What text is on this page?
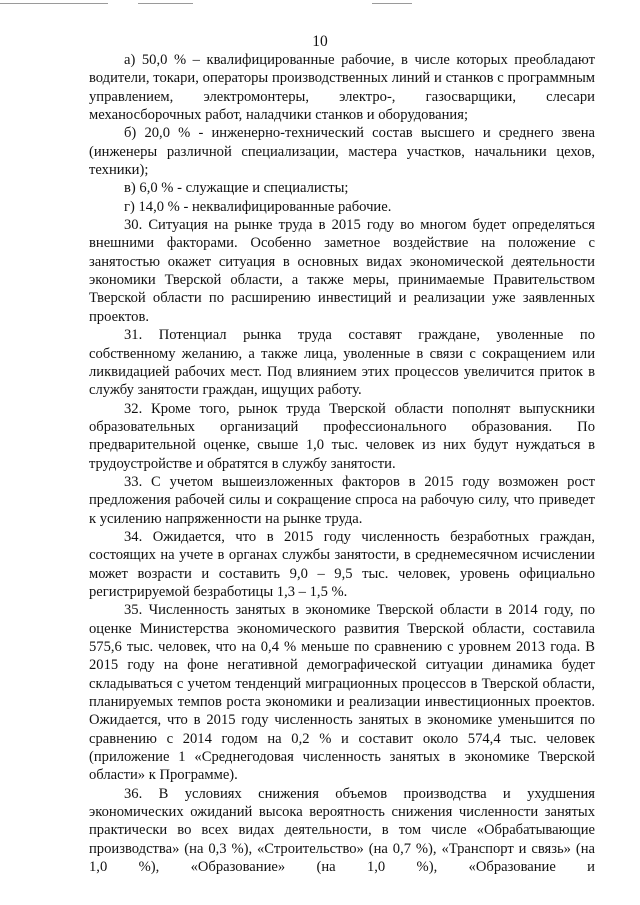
10

а) 50,0 % – квалифицированные рабочие, в числе которых преобладают водители, токари, операторы производственных линий и станков с программным управлением, электромонтеры, электро-, газосварщики, слесари механосборочных работ, наладчики станков и оборудования;

б) 20,0 % - инженерно-технический состав высшего и среднего звена (инженеры различной специализации, мастера участков, начальники цехов, техники);

в) 6,0 % - служащие и специалисты;

г) 14,0 % - неквалифицированные рабочие.

30. Ситуация на рынке труда в 2015 году во многом будет определяться внешними факторами. Особенно заметное воздействие на положение с занятостью окажет ситуация в основных видах экономической деятельности экономики Тверской области, а также меры, принимаемые Правительством Тверской области по расширению инвестиций и реализации уже заявленных проектов.

31. Потенциал рынка труда составят граждане, уволенные по собственному желанию, а также лица, уволенные в связи с сокращением или ликвидацией рабочих мест. Под влиянием этих процессов увеличится приток в службу занятости граждан, ищущих работу.

32. Кроме того, рынок труда Тверской области пополнят выпускники образовательных организаций профессионального образования. По предварительной оценке, свыше 1,0 тыс. человек из них будут нуждаться в трудоустройстве и обратятся в службу занятости.

33. С учетом вышеизложенных факторов в 2015 году возможен рост предложения рабочей силы и сокращение спроса на рабочую силу, что приведет к усилению напряженности на рынке труда.

34. Ожидается, что в 2015 году численность безработных граждан, состоящих на учете в органах службы занятости, в среднемесячном исчислении может возрасти и составить 9,0 – 9,5 тыс. человек, уровень официально регистрируемой безработицы 1,3 – 1,5 %.

35. Численность занятых в экономике Тверской области в 2014 году, по оценке Министерства экономического развития Тверской области, составила 575,6 тыс. человек, что на 0,4 % меньше по сравнению с уровнем 2013 года. В 2015 году на фоне негативной демографической ситуации динамика будет складываться с учетом тенденций миграционных процессов в Тверской области, планируемых темпов роста экономики и реализации инвестиционных проектов. Ожидается, что в 2015 году численность занятых в экономике уменьшится по сравнению с 2014 годом на 0,2 % и составит около 574,4 тыс. человек (приложение 1 «Среднегодовая численность занятых в экономике Тверской области» к Программе).

36. В условиях снижения объемов производства и ухудшения экономических ожиданий высока вероятность снижения численности занятых практически во всех видах деятельности, в том числе «Обрабатывающие производства» (на 0,3 %), «Строительство» (на 0,7 %), «Транспорт и связь» (на 1,0 %), «Образование» (на 1,0 %), «Образование и
